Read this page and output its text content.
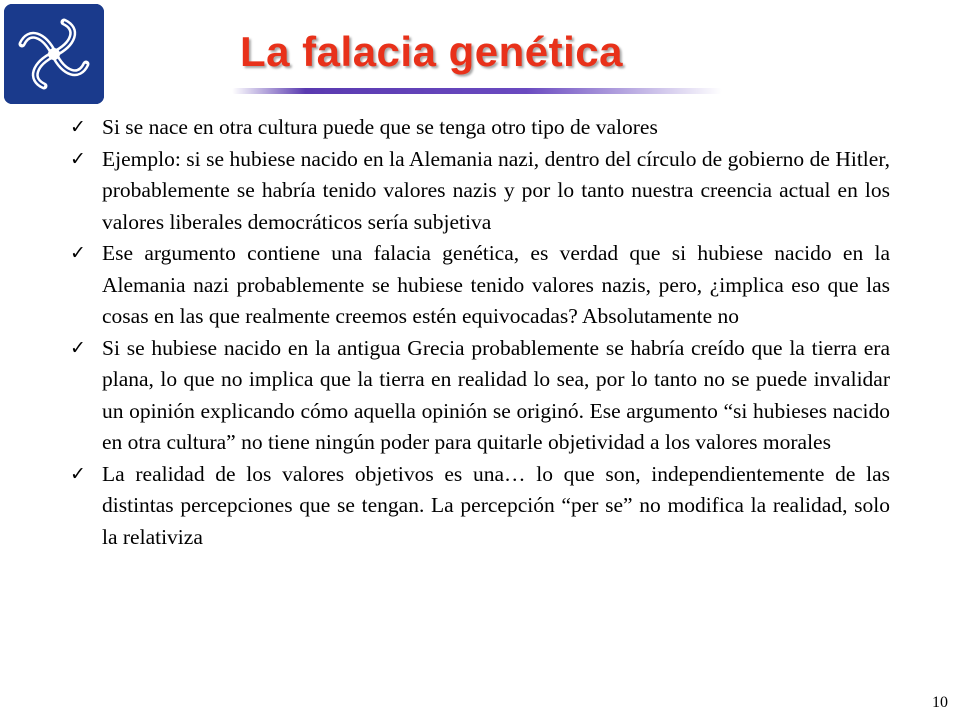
La falacia genética
✓ Si se nace en otra cultura puede que se tenga otro tipo de valores
✓ Ejemplo: si se hubiese nacido en la Alemania nazi, dentro del círculo de gobierno de Hitler, probablemente se habría tenido valores nazis y por lo tanto nuestra creencia actual en los valores liberales democráticos sería subjetiva
✓ Ese argumento contiene una falacia genética, es verdad que si hubiese nacido en la Alemania nazi probablemente se hubiese tenido valores nazis, pero, ¿implica eso que las cosas en las que realmente creemos estén equivocadas? Absolutamente no
✓ Si se hubiese nacido en la antigua Grecia probablemente se habría creído que la tierra era plana, lo que no implica que la tierra en realidad lo sea, por lo tanto no se puede invalidar un opinión explicando cómo aquella opinión se originó. Ese argumento “si hubieses nacido en otra cultura” no tiene ningún poder para quitarle objetividad a los valores morales
✓ La realidad de los valores objetivos es una… lo que son, independientemente de las distintas percepciones que se tengan. La percepción “per se” no modifica la realidad, solo la relativiza
10
